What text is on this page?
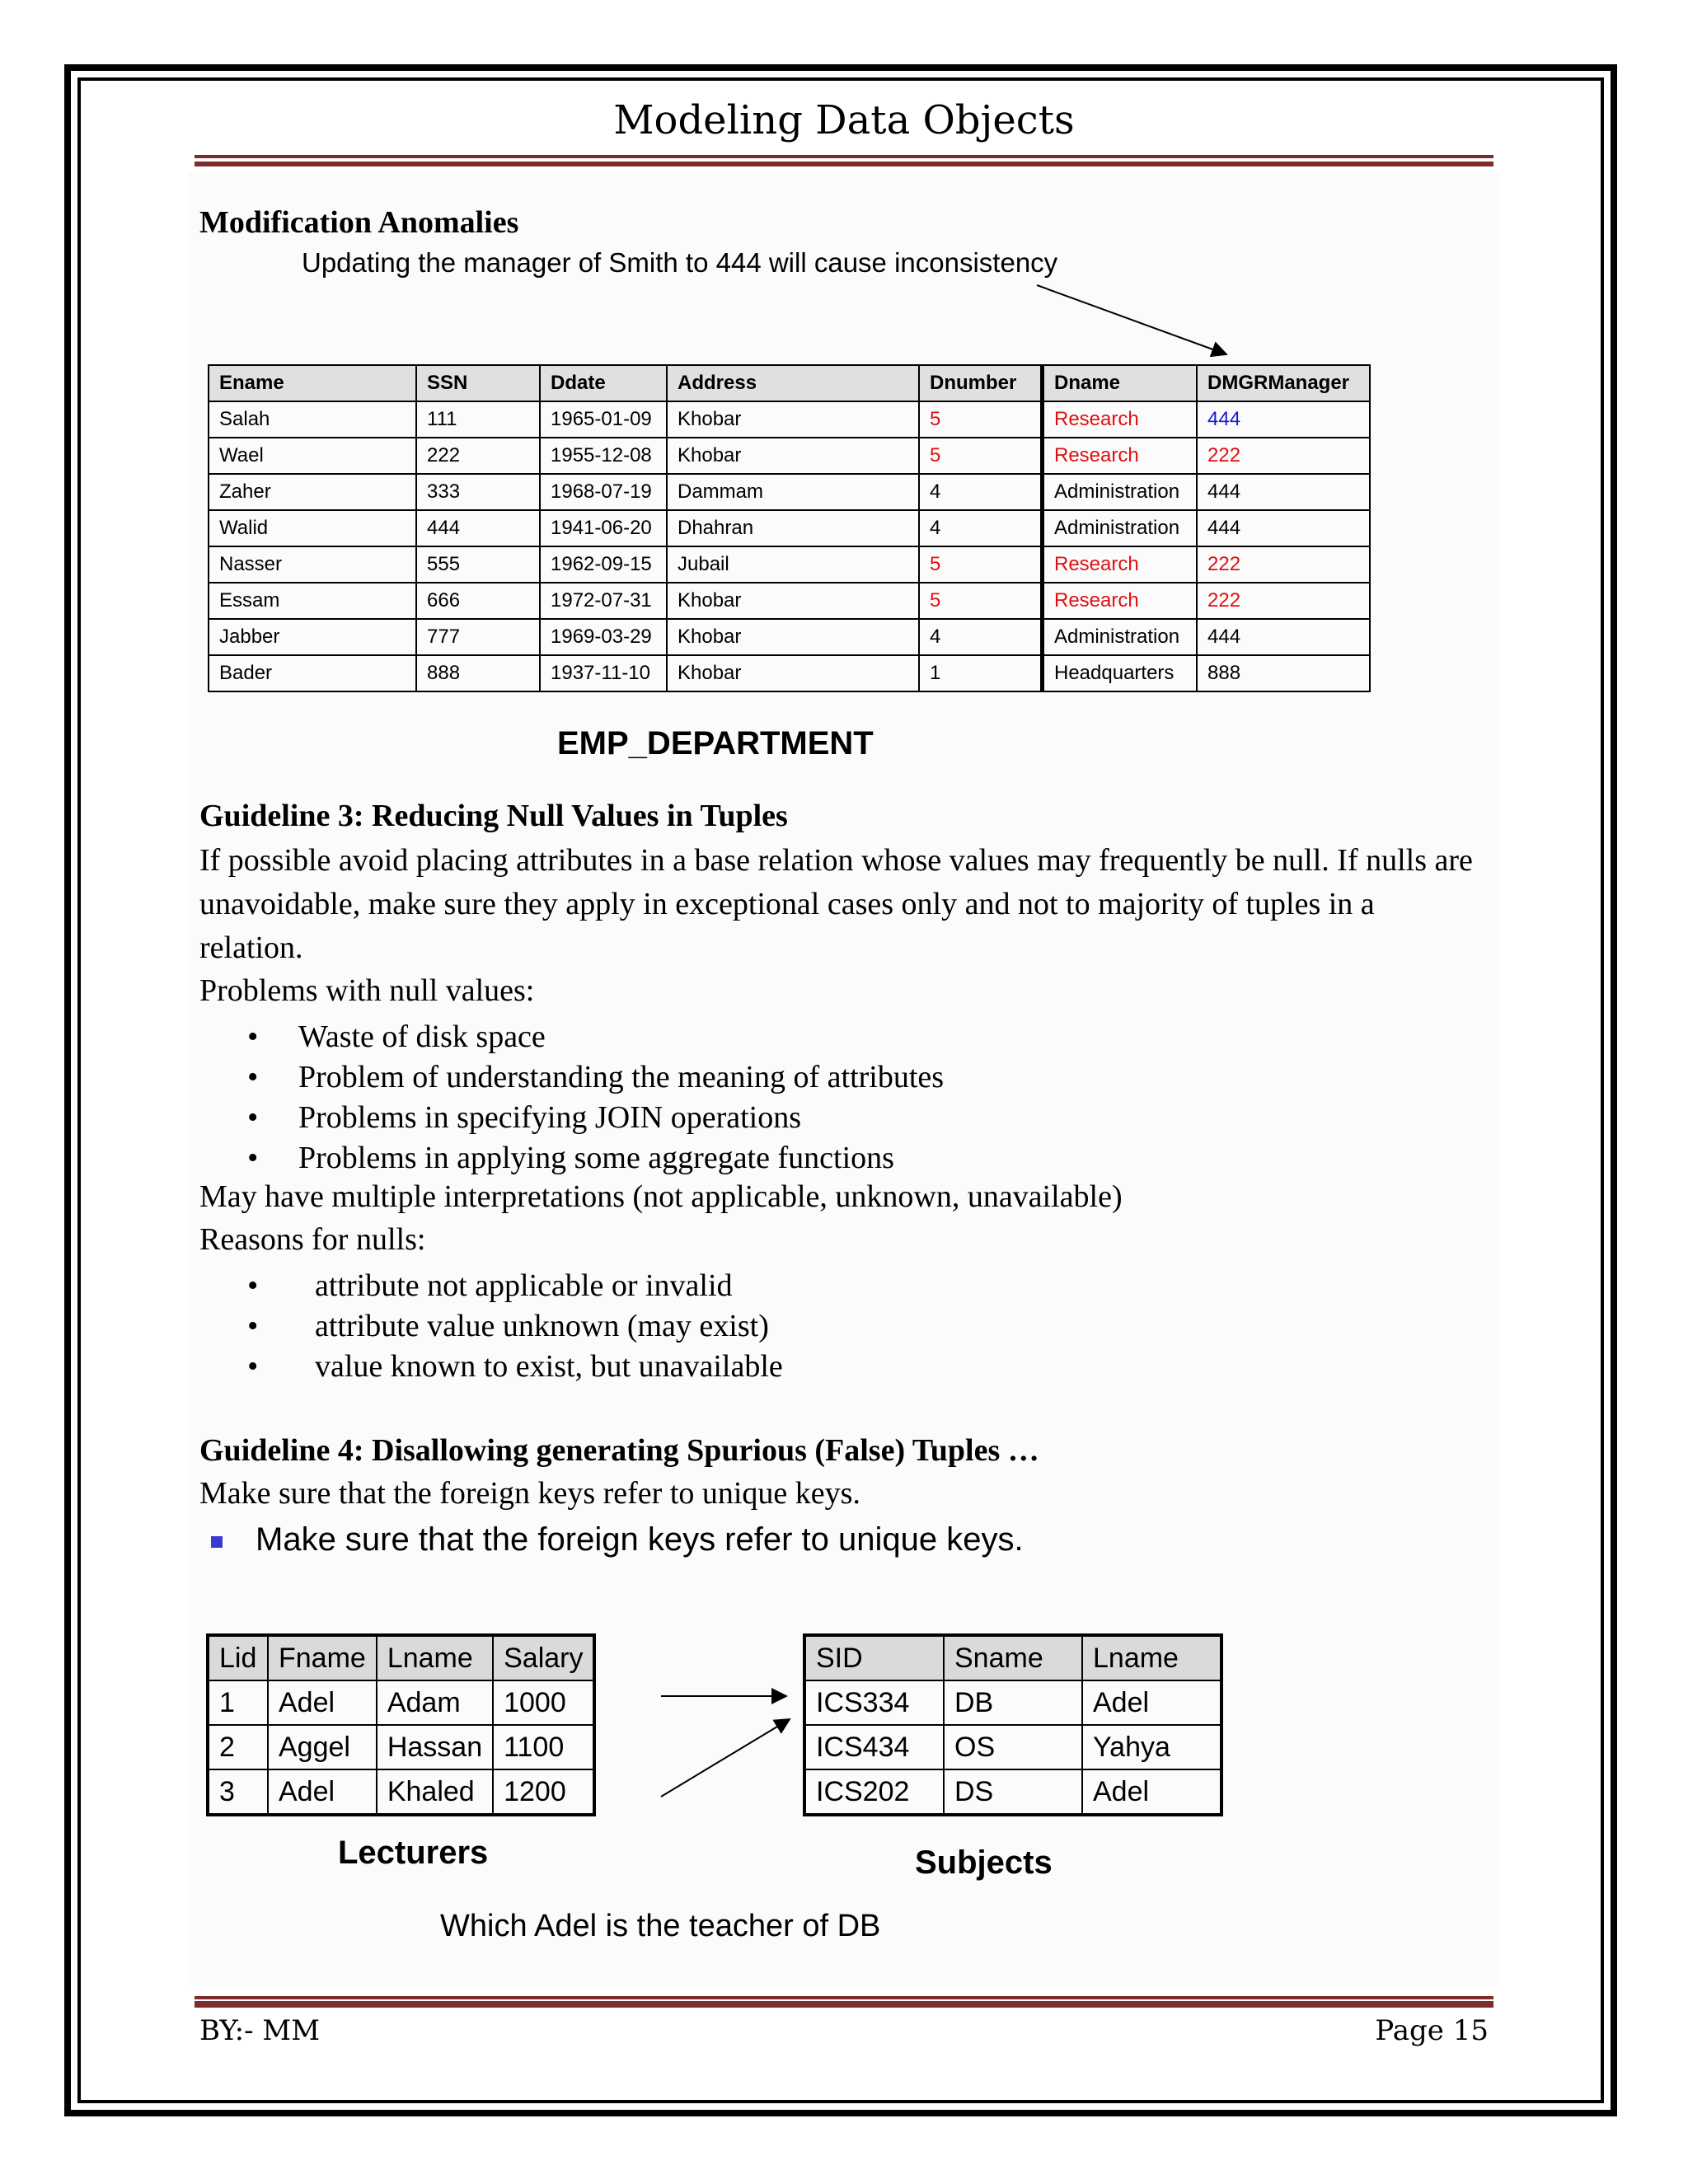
Modeling Data Objects
Modification Anomalies
Updating the manager of Smith to 444 will cause inconsistency
Ename	SSN	Ddate	Address	Dnumber	Dname	DMGRManager
Salah	111	1965-01-09	Khobar	5	Research	444
Wael	222	1955-12-08	Khobar	5	Research	222
Zaher	333	1968-07-19	Dammam	4	Administration	444
Walid	444	1941-06-20	Dhahran	4	Administration	444
Nasser	555	1962-09-15	Jubail	5	Research	222
Essam	666	1972-07-31	Khobar	5	Research	222
Jabber	777	1969-03-29	Khobar	4	Administration	444
Bader	888	1937-11-10	Khobar	1	Headquarters	888
EMP_DEPARTMENT
Guideline 3: Reducing Null Values in Tuples
If possible avoid placing attributes in a base relation whose values may frequently be null. If nulls are unavoidable, make sure they apply in exceptional cases only and not to majority of tuples in a relation.
Problems with null values:
• Waste of disk space
• Problem of understanding the meaning of attributes
• Problems in specifying JOIN operations
• Problems in applying some aggregate functions
May have multiple interpretations (not applicable, unknown, unavailable)
Reasons for nulls:
• attribute not applicable or invalid
• attribute value unknown (may exist)
• value known to exist, but unavailable
Guideline 4: Disallowing generating Spurious (False) Tuples …
Make sure that the foreign keys refer to unique keys.
Make sure that the foreign keys refer to unique keys.
Lid	Fname	Lname	Salary
1	Adel	Adam	1000
2	Aggel	Hassan	1100
3	Adel	Khaled	1200
Lecturers
SID	Sname	Lname
ICS334	DB	Adel
ICS434	OS	Yahya
ICS202	DS	Adel
Subjects
Which Adel is the teacher of DB
BY:- MM	Page 15
